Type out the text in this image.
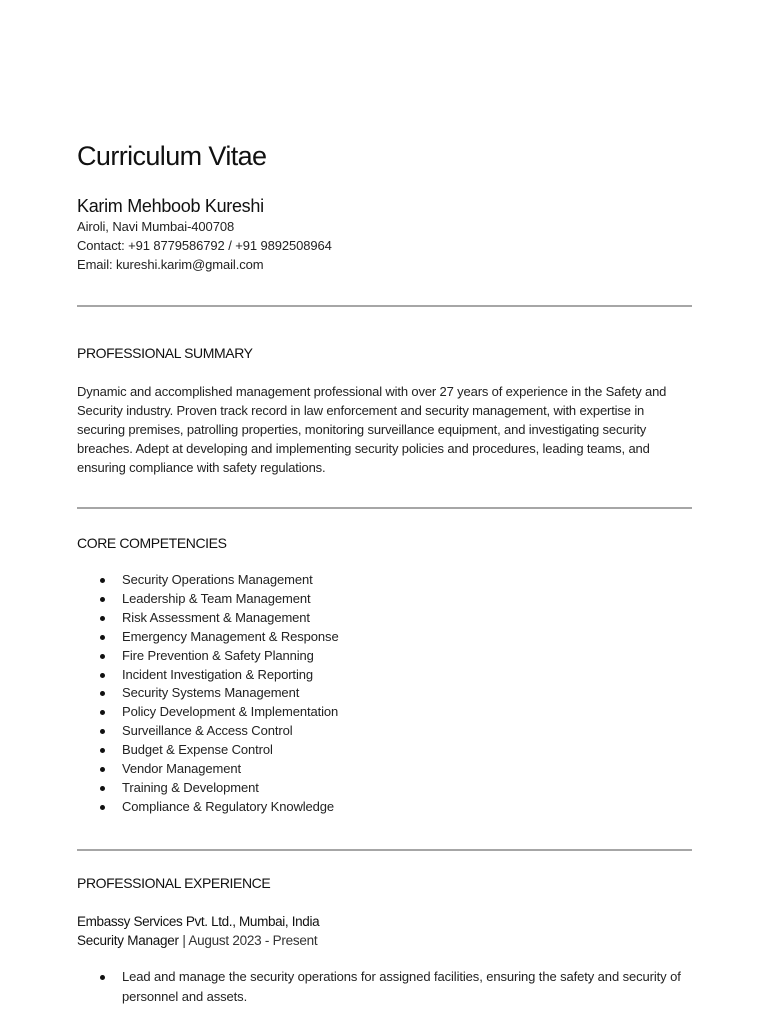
Curriculum Vitae
Karim Mehboob Kureshi
Airoli, Navi Mumbai-400708
Contact: +91 8779586792 / +91 9892508964
Email: kureshi.karim@gmail.com
PROFESSIONAL SUMMARY

Dynamic and accomplished management professional with over 27 years of experience in the Safety and Security industry. Proven track record in law enforcement and security management, with expertise in securing premises, patrolling properties, monitoring surveillance equipment, and investigating security breaches. Adept at developing and implementing security policies and procedures, leading teams, and ensuring compliance with safety regulations.

CORE COMPETENCIES
Security Operations Management
Leadership & Team Management
Risk Assessment & Management
Emergency Management & Response
Fire Prevention & Safety Planning
Incident Investigation & Reporting
Security Systems Management
Policy Development & Implementation
Surveillance & Access Control
Budget & Expense Control
Vendor Management
Training & Development
Compliance & Regulatory Knowledge
PROFESSIONAL EXPERIENCE
Embassy Services Pvt. Ltd., Mumbai, India
Security Manager | August 2023 - Present
Lead and manage the security operations for assigned facilities, ensuring the safety and security of personnel and assets.
